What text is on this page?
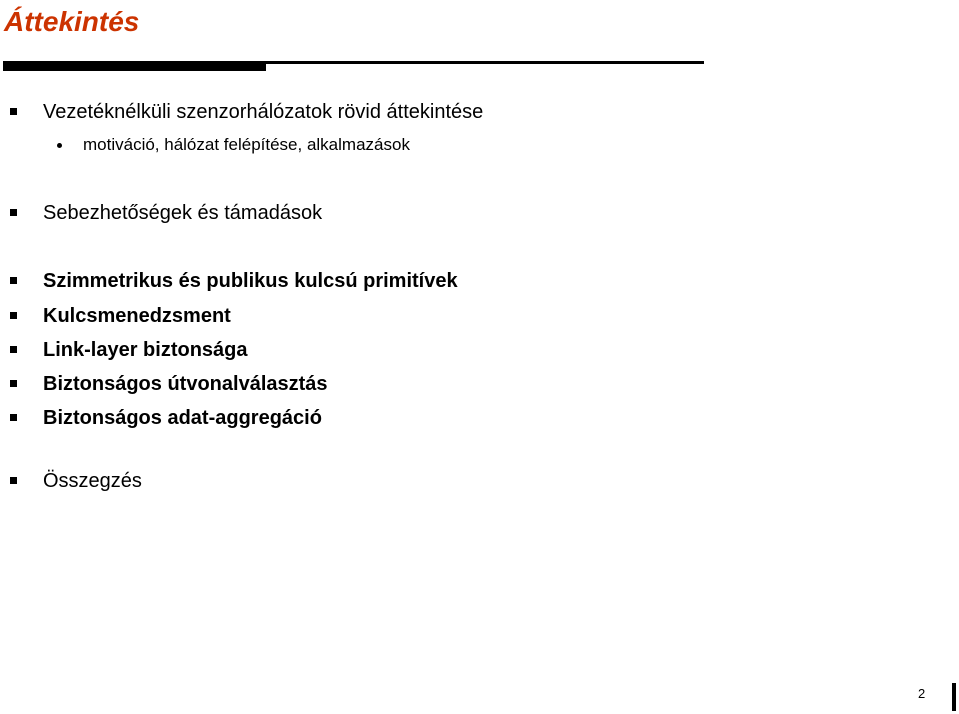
Áttekintés
Vezetéknélküli szenzorhálózatok rövid áttekintése
motiváció, hálózat felépítése, alkalmazások
Sebezhetőségek és támadások
Szimmetrikus és publikus kulcsú primitívek
Kulcsmenedzsment
Link-layer biztonsága
Biztonságos útvonalválasztás
Biztonságos adat-aggregáció
Összegzés
2
